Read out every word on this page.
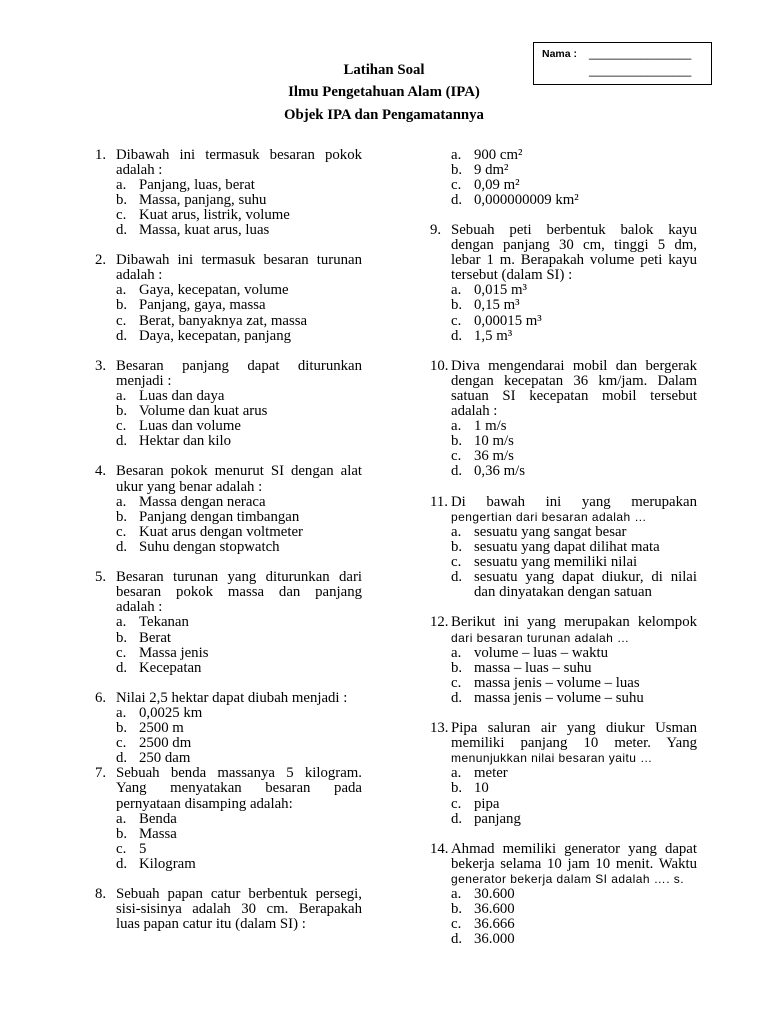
Nama : ________________
________________
Latihan Soal
Ilmu Pengetahuan Alam (IPA)
Objek IPA dan Pengamatannya
1. Dibawah ini termasuk besaran pokok
adalah :
a. Panjang, luas, berat
b. Massa, panjang, suhu
c. Kuat arus, listrik, volume
d. Massa, kuat arus, luas
2. Dibawah ini termasuk besaran turunan
adalah :
a. Gaya, kecepatan, volume
b. Panjang, gaya, massa
c. Berat, banyaknya zat, massa
d. Daya, kecepatan, panjang
3. Besaran panjang dapat diturunkan
menjadi :
a. Luas dan daya
b. Volume dan kuat arus
c. Luas dan volume
d. Hektar dan kilo
4. Besaran pokok menurut SI dengan alat
ukur yang benar adalah :
a. Massa dengan neraca
b. Panjang dengan timbangan
c. Kuat arus dengan voltmeter
d. Suhu dengan stopwatch
5. Besaran turunan yang diturunkan dari
besaran pokok massa dan panjang
adalah :
a. Tekanan
b. Berat
c. Massa jenis
d. Kecepatan
6. Nilai 2,5 hektar dapat diubah menjadi :
a. 0,0025 km
b. 2500 m
c. 2500 dm
d. 250 dam
7. Sebuah benda massanya 5 kilogram.
Yang menyatakan besaran pada
pernyataan disamping adalah:
a. Benda
b. Massa
c. 5
d. Kilogram
8. Sebuah papan catur berbentuk persegi,
sisi-sisinya adalah 30 cm. Berapakah
luas papan catur itu (dalam SI) :
a. 900 cm²
b. 9 dm²
c. 0,09 m²
d. 0,000000009 km²
9. Sebuah peti berbentuk balok kayu
dengan panjang 30 cm, tinggi 5 dm,
lebar 1 m. Berapakah volume peti kayu
tersebut (dalam SI) :
a. 0,015 m³
b. 0,15 m³
c. 0,00015 m³
d. 1,5 m³
10. Diva mengendarai mobil dan bergerak
dengan kecepatan 36 km/jam. Dalam
satuan SI kecepatan mobil tersebut
adalah :
a. 1 m/s
b. 10 m/s
c. 36 m/s
d. 0,36 m/s
11. Di bawah ini yang merupakan
pengertian dari besaran adalah …
a. sesuatu yang sangat besar
b. sesuatu yang dapat dilihat mata
c. sesuatu yang memiliki nilai
d. sesuatu yang dapat diukur, di nilai
dan dinyatakan dengan satuan
12. Berikut ini yang merupakan kelompok
dari besaran turunan adalah …
a. volume – luas – waktu
b. massa – luas – suhu
c. massa jenis – volume – luas
d. massa jenis – volume – suhu
13. Pipa saluran air yang diukur Usman
memiliki panjang 10 meter. Yang
menunjukkan nilai besaran yaitu …
a. meter
b. 10
c. pipa
d. panjang
14. Ahmad memiliki generator yang dapat
bekerja selama 10 jam 10 menit. Waktu
generator bekerja dalam SI adalah …. s.
a. 30.600
b. 36.600
c. 36.666
d. 36.000
